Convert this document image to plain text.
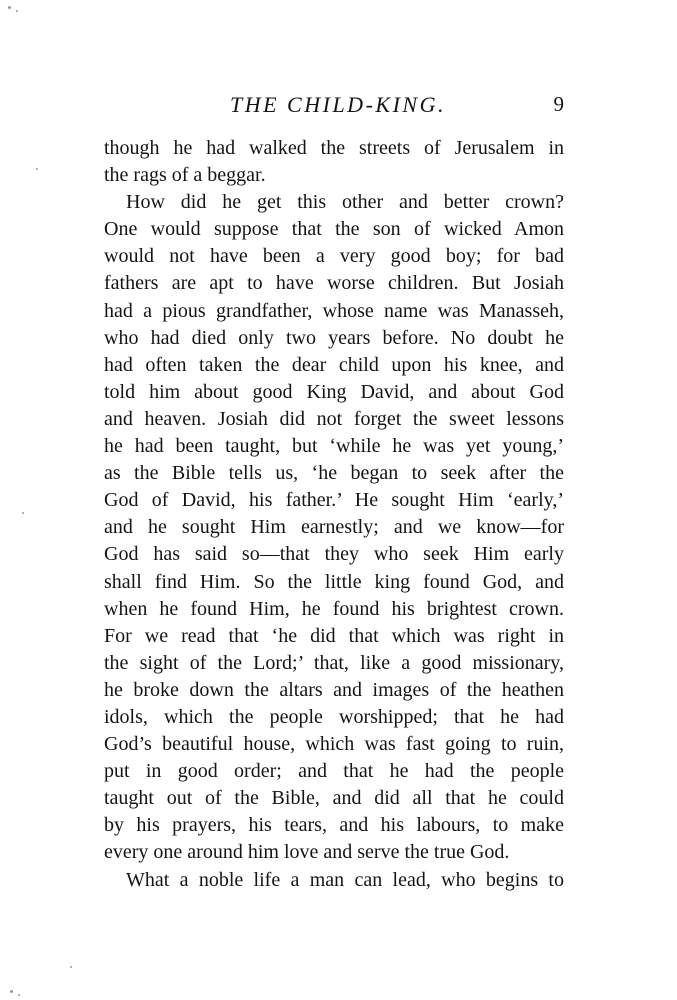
THE CHILD-KING.	9
though he had walked the streets of Jerusalem in
the rags of a beggar.
How did he get this other and better crown?
One would suppose that the son of wicked Amon
would not have been a very good boy; for bad
fathers are apt to have worse children. But Josiah
had a pious grandfather, whose name was Manasseh,
who had died only two years before. No doubt he
had often taken the dear child upon his knee, and
told him about good King David, and about God
and heaven. Josiah did not forget the sweet lessons
he had been taught, but ‘while he was yet young,’
as the Bible tells us, ‘he began to seek after the
God of David, his father.’ He sought Him ‘early,’
and he sought Him earnestly; and we know—for
God has said so—that they who seek Him early
shall find Him. So the little king found God, and
when he found Him, he found his brightest crown.
For we read that ‘he did that which was right in
the sight of the Lord;’ that, like a good missionary,
he broke down the altars and images of the heathen
idols, which the people worshipped; that he had
God’s beautiful house, which was fast going to ruin,
put in good order; and that he had the people
taught out of the Bible, and did all that he could
by his prayers, his tears, and his labours, to make
every one around him love and serve the true God.
What a noble life a man can lead, who begins to
